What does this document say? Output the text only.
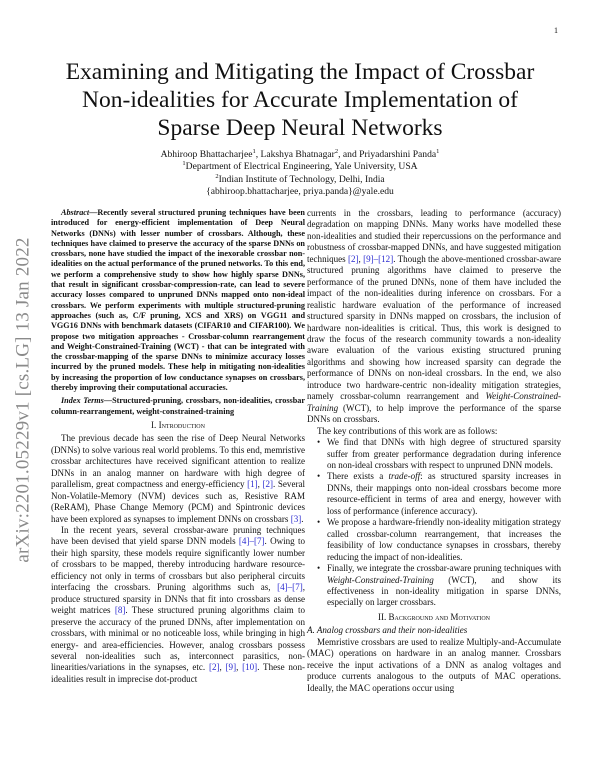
1
arXiv:2201.05229v1 [cs.LG] 13 Jan 2022
Examining and Mitigating the Impact of Crossbar
Non-idealities for Accurate Implementation of
Sparse Deep Neural Networks
Abhiroop Bhattacharjee$^1$, Lakshya Bhatnagar$^2$, and Priyadarshini Panda$^1$
$^1$Department of Electrical Engineering, Yale University, USA
$^2$Indian Institute of Technology, Delhi, India
{abhiroop.bhattacharjee, priya.panda}@yale.edu

Abstract—Recently several structured pruning techniques have been introduced for energy-efficient implementation of Deep Neural Networks (DNNs) with lesser number of crossbars. Although, these techniques have claimed to preserve the accuracy of the sparse DNNs on crossbars, none have studied the impact of the inexorable crossbar non-idealities on the actual performance of the pruned networks. To this end, we perform a comprehensive study to show how highly sparse DNNs, that result in significant crossbar-compression-rate, can lead to severe accuracy losses compared to unpruned DNNs mapped onto non-ideal crossbars. We perform experiments with multiple structured-pruning approaches (such as, C/F pruning, XCS and XRS) on VGG11 and VGG16 DNNs with benchmark datasets (CIFAR10 and CIFAR100). We propose two mitigation approaches - Crossbar-column rearrangement and Weight-Constrained-Training (WCT) - that can be integrated with the crossbar-mapping of the sparse DNNs to minimize accuracy losses incurred by the pruned models. These help in mitigating non-idealities by increasing the proportion of low conductance synapses on crossbars, thereby improving their computational accuracies.

Index Terms—Structured-pruning, crossbars, non-idealities, crossbar column-rearrangement, weight-constrained-training

I. Introduction

The previous decade has seen the rise of Deep Neural Networks (DNNs) to solve various real world problems. To this end, memristive crossbar architectures have received significant attention to realize DNNs in an analog manner on hardware with high degree of parallelism, great compactness and energy-efficiency [1], [2]. Several Non-Volatile-Memory (NVM) devices such as, Resistive RAM (ReRAM), Phase Change Memory (PCM) and Spintronic devices have been explored as synapses to implement DNNs on crossbars [3].

In the recent years, several crossbar-aware pruning techniques have been devised that yield sparse DNN models [4]–[7]. Owing to their high sparsity, these models require significantly lower number of crossbars to be mapped, thereby introducing hardware resource-efficiency not only in terms of crossbars but also peripheral circuits interfacing the crossbars. Pruning algorithms such as, [4]–[7], produce structured sparsity in DNNs that fit into crossbars as dense weight matrices [8]. These structured pruning algorithms claim to preserve the accuracy of the pruned DNNs, after implementation on crossbars, with minimal or no noticeable loss, while bringing in high energy- and area-efficiencies. However, analog crossbars possess several non-idealities such as, interconnect parasitics, non-linearities/variations in the synapses, etc. [2], [9], [10]. These non-idealities result in imprecise dot-product

currents in the crossbars, leading to performance (accuracy) degradation on mapping DNNs. Many works have modelled these non-idealities and studied their repercussions on the performance and robustness of crossbar-mapped DNNs, and have suggested mitigation techniques [2], [9]–[12]. Though the above-mentioned crossbar-aware structured pruning algorithms have claimed to preserve the performance of the pruned DNNs, none of them have included the impact of the non-idealities during inference on crossbars. For a realistic hardware evaluation of the performance of increased structured sparsity in DNNs mapped on crossbars, the inclusion of hardware non-idealities is critical. Thus, this work is designed to draw the focus of the research community towards a non-ideality aware evaluation of the various existing structured pruning algorithms and showing how increased sparsity can degrade the performance of DNNs on non-ideal crossbars. In the end, we also introduce two hardware-centric non-ideality mitigation strategies, namely crossbar-column rearrangement and Weight-Constrained-Training (WCT), to help improve the performance of the sparse DNNs on crossbars.

The key contributions of this work are as follows:

• We find that DNNs with high degree of structured sparsity suffer from greater performance degradation during inference on non-ideal crossbars with respect to unpruned DNN models.
• There exists a trade-off: as structured sparsity increases in DNNs, their mappings onto non-ideal crossbars become more resource-efficient in terms of area and energy, however with loss of performance (inference accuracy).
• We propose a hardware-friendly non-ideality mitigation strategy called crossbar-column rearrangement, that increases the feasibility of low conductance synapses in crossbars, thereby reducing the impact of non-idealities.
• Finally, we integrate the crossbar-aware pruning techniques with Weight-Constrained-Training (WCT), and show its effectiveness in non-ideality mitigation in sparse DNNs, especially on larger crossbars.
II. Background and Motivation

A. Analog crossbars and their non-idealities

Memristive crossbars are used to realize Multiply-and-Accumulate (MAC) operations on hardware in an analog manner. Crossbars receive the input activations of a DNN as analog voltages and produce currents analogous to the outputs of MAC operations. Ideally, the MAC operations occur using
